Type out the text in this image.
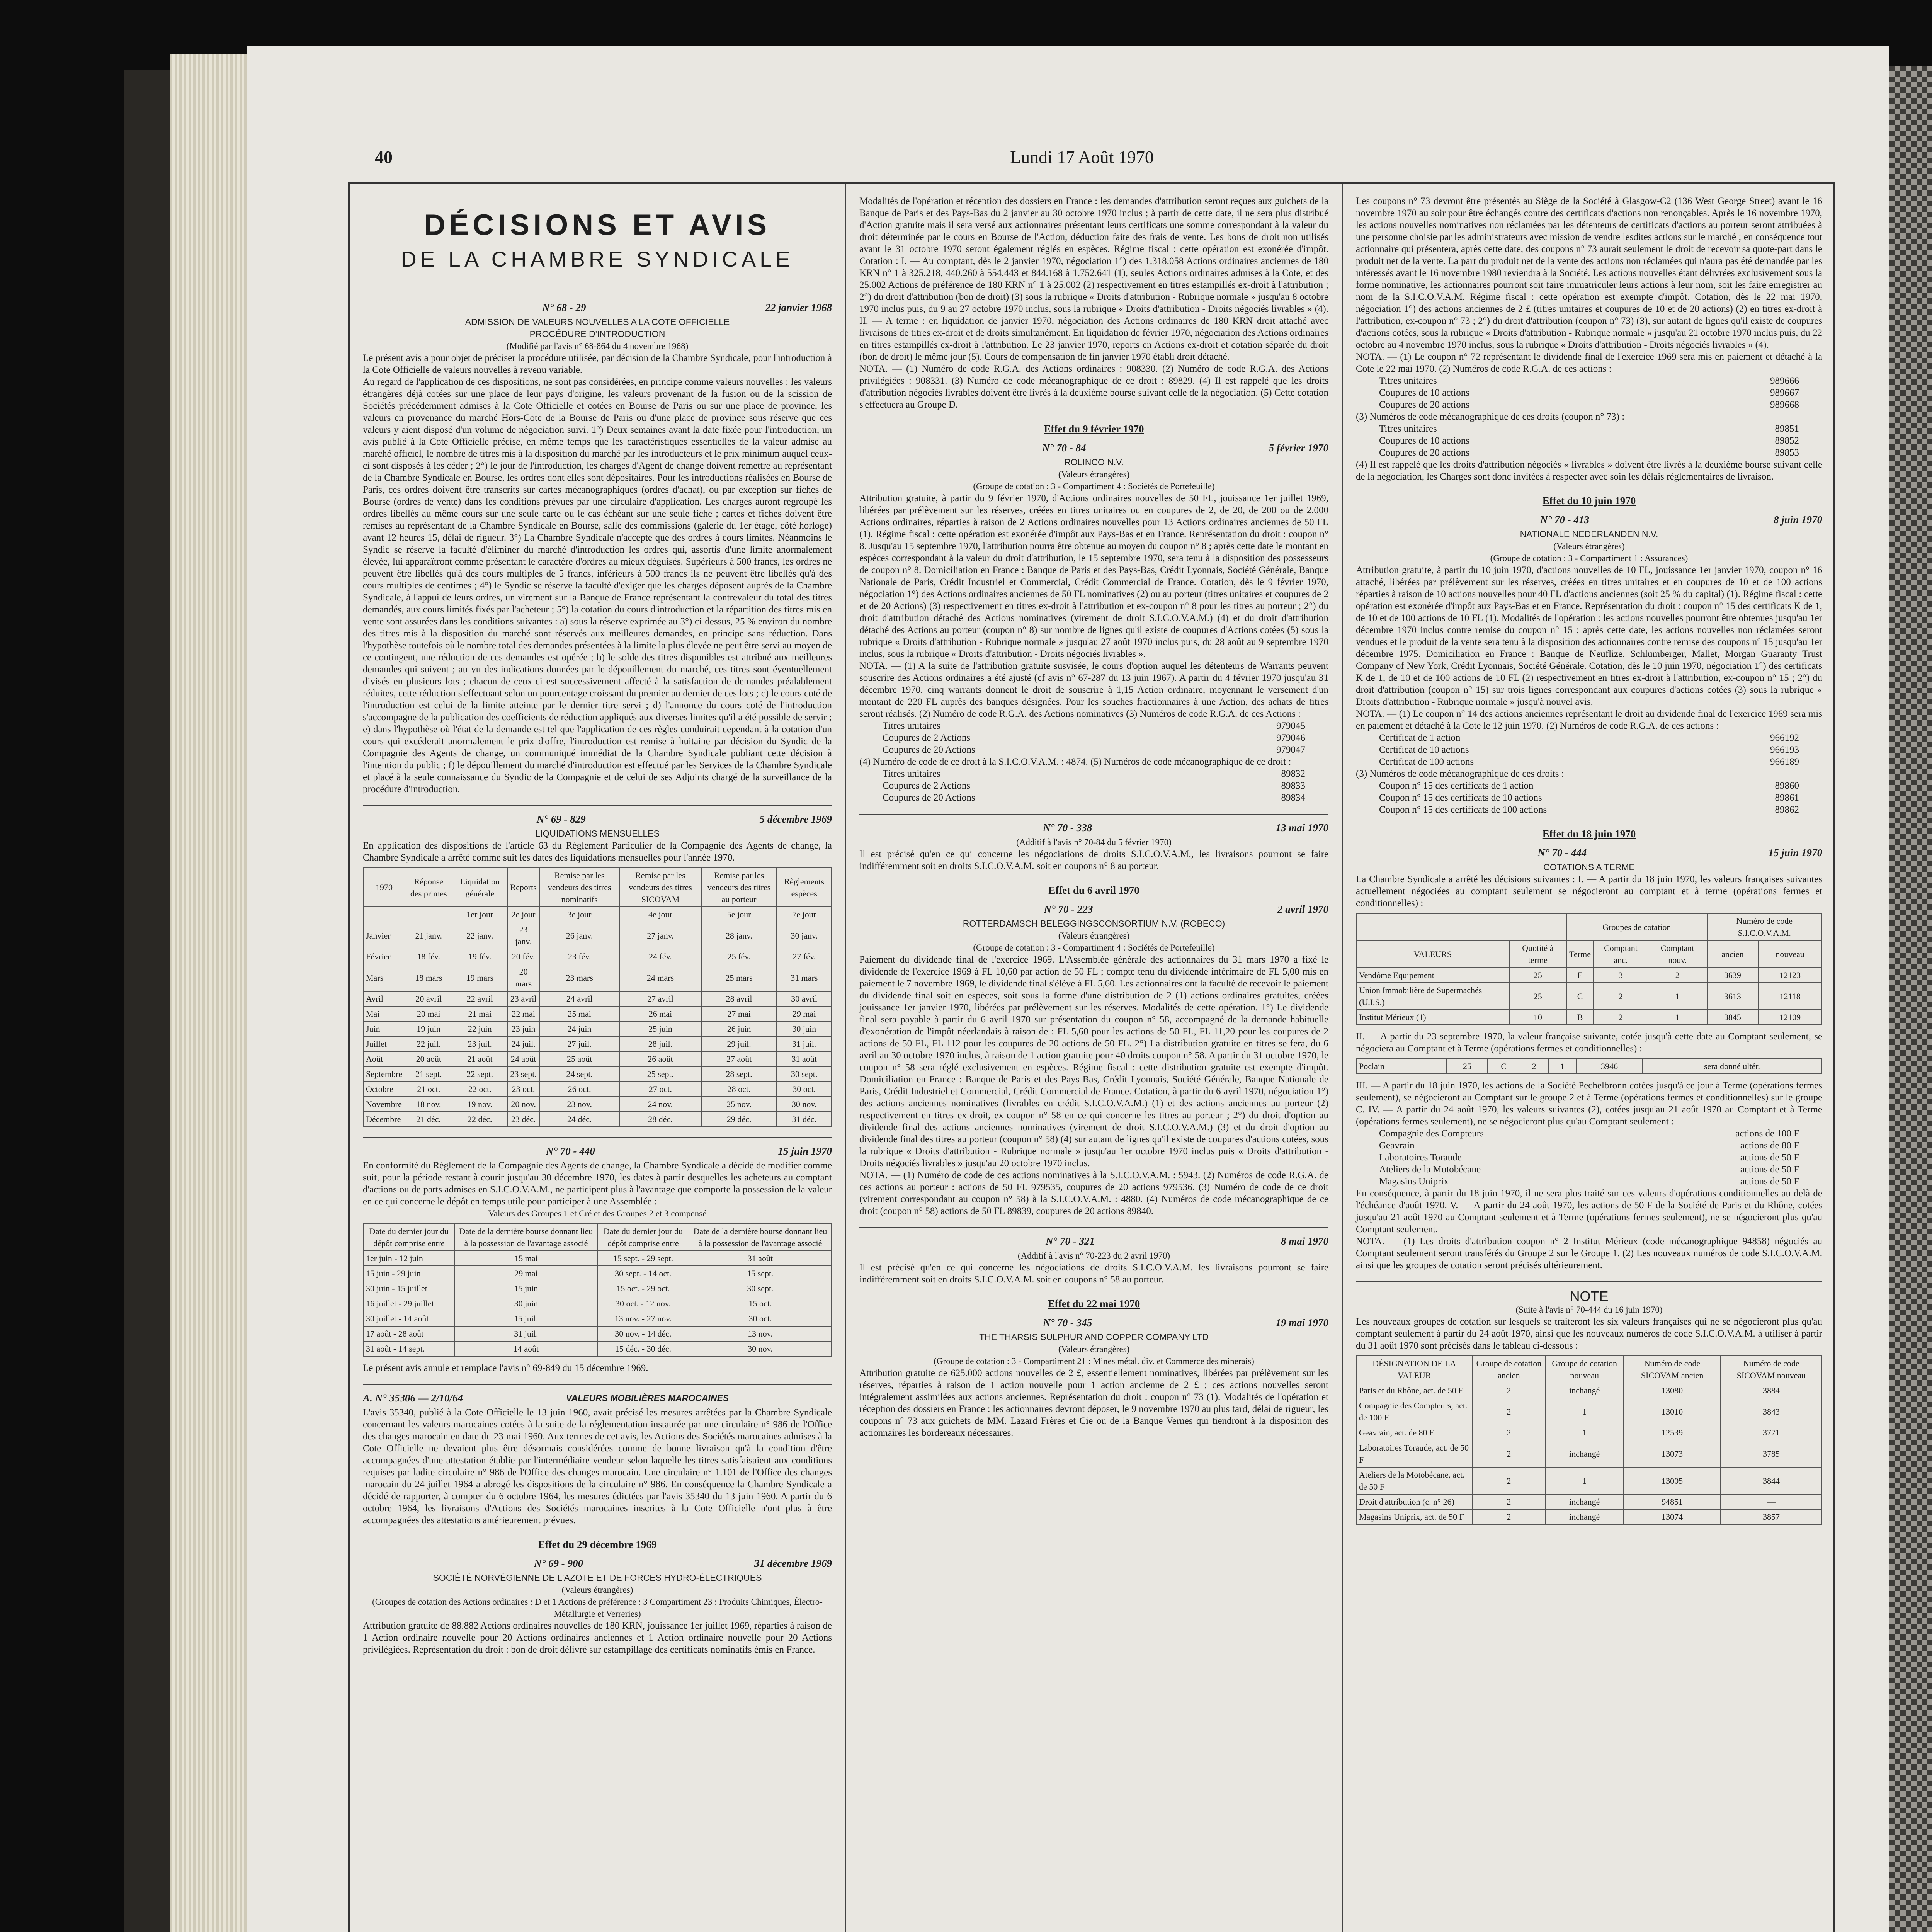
40	Lundi 17 Août 1970
DÉCISIONS ET AVIS
DE LA CHAMBRE SYNDICALE
N° 68 - 29	22 janvier 1968
ADMISSION DE VALEURS NOUVELLES A LA COTE OFFICIELLE
PROCÉDURE D'INTRODUCTION
(Modifié par l'avis n° 68-864 du 4 novembre 1968)

Le présent avis a pour objet de préciser la procédure utilisée, par décision de la Chambre Syndicale, pour l'introduction à la Cote Officielle de valeurs nouvelles à revenu variable.

Au regard de l'application de ces dispositions, ne sont pas considérées, en principe comme valeurs nouvelles : les valeurs étrangères déjà cotées sur une place de leur pays d'origine, les valeurs provenant de la fusion ou de la scission de Sociétés précédemment admises à la Cote Officielle et cotées en Bourse de Paris ou sur une place de province, les valeurs en provenance du marché Hors-Cote de la Bourse de Paris ou d'une place de province sous réserve que ces valeurs y aient disposé d'un volume de négociation suivi. 1°) Deux semaines avant la date fixée pour l'introduction, un avis publié à la Cote Officielle précise, en même temps que les caractéristiques essentielles de la valeur admise au marché officiel, le nombre de titres mis à la disposition du marché par les introducteurs et le prix minimum auquel ceux-ci sont disposés à les céder ; 2°) le jour de l'introduction, les charges d'Agent de change doivent remettre au représentant de la Chambre Syndicale en Bourse, les ordres dont elles sont dépositaires. Pour les introductions réalisées en Bourse de Paris, ces ordres doivent être transcrits sur cartes mécanographiques (ordres d'achat), ou par exception sur fiches de Bourse (ordres de vente) dans les conditions prévues par une circulaire d'application. Les charges auront regroupé les ordres libellés au même cours sur une seule carte ou le cas échéant sur une seule fiche ; cartes et fiches doivent être remises au représentant de la Chambre Syndicale en Bourse, salle des commissions (galerie du 1er étage, côté horloge) avant 12 heures 15, délai de rigueur. 3°) La Chambre Syndicale n'accepte que des ordres à cours limités. Néanmoins le Syndic se réserve la faculté d'éliminer du marché d'introduction les ordres qui, assortis d'une limite anormalement élevée, lui apparaîtront comme présentant le caractère d'ordres au mieux déguisés. Supérieurs à 500 francs, les ordres ne peuvent être libellés qu'à des cours multiples de 5 francs, inférieurs à 500 francs ils ne peuvent être libellés qu'à des cours multiples de centimes ; 4°) le Syndic se réserve la faculté d'exiger que les charges déposent auprès de la Chambre Syndicale, à l'appui de leurs ordres, un virement sur la Banque de France représentant la contrevaleur du total des titres demandés, aux cours limités fixés par l'acheteur ; 5°) la cotation du cours d'introduction et la répartition des titres mis en vente sont assurées dans les conditions suivantes : a) sous la réserve exprimée au 3°) ci-dessus, 25 % environ du nombre des titres mis à la disposition du marché sont réservés aux meilleures demandes, en principe sans réduction. Dans l'hypothèse toutefois où le nombre total des demandes présentées à la limite la plus élevée ne peut être servi au moyen de ce contingent, une réduction de ces demandes est opérée ; b) le solde des titres disponibles est attribué aux meilleures demandes qui suivent ; au vu des indications données par le dépouillement du marché, ces titres sont éventuellement divisés en plusieurs lots ; chacun de ceux-ci est successivement affecté à la satisfaction de demandes préalablement réduites, cette réduction s'effectuant selon un pourcentage croissant du premier au dernier de ces lots ; c) le cours coté de l'introduction est celui de la limite atteinte par le dernier titre servi ; d) l'annonce du cours coté de l'introduction s'accompagne de la publication des coefficients de réduction appliqués aux diverses limites qu'il a été possible de servir ; e) dans l'hypothèse où l'état de la demande est tel que l'application de ces règles conduirait cependant à la cotation d'un cours qui excéderait anormalement le prix d'offre, l'introduction est remise à huitaine par décision du Syndic de la Compagnie des Agents de change, un communiqué immédiat de la Chambre Syndicale publiant cette décision à l'intention du public ; f) le dépouillement du marché d'introduction est effectué par les Services de la Chambre Syndicale et placé à la seule connaissance du Syndic de la Compagnie et de celui de ses Adjoints chargé de la surveillance de la procédure d'introduction.

N° 69 - 829	5 décembre 1969
LIQUIDATIONS MENSUELLES

En application des dispositions de l'article 63 du Règlement Particulier de la Compagnie des Agents de change, la Chambre Syndicale a arrêté comme suit les dates des liquidations mensuelles pour l'année 1970.

1970	Réponse des primes	Liquidation générale	Reports	Remise par les vendeurs des titres nominatifs	Remise par les vendeurs des titres SICOVAM	Remise par les vendeurs des titres au porteur	Règlements espèces
		1er jour	2e jour	3e jour	4e jour	5e jour	7e jour
Janvier	21 janv.	22 janv.	23 janv.	26 janv.	27 janv.	28 janv.	30 janv.
Février	18 fév.	19 fév.	20 fév.	23 fév.	24 fév.	25 fév.	27 fév.
Mars	18 mars	19 mars	20 mars	23 mars	24 mars	25 mars	31 mars
Avril	20 avril	22 avril	23 avril	24 avril	27 avril	28 avril	30 avril
Mai	20 mai	21 mai	22 mai	25 mai	26 mai	27 mai	29 mai
Juin	19 juin	22 juin	23 juin	24 juin	25 juin	26 juin	30 juin
Juillet	22 juil.	23 juil.	24 juil.	27 juil.	28 juil.	29 juil.	31 juil.
Août	20 août	21 août	24 août	25 août	26 août	27 août	31 août
Septembre	21 sept.	22 sept.	23 sept.	24 sept.	25 sept.	28 sept.	30 sept.
Octobre	21 oct.	22 oct.	23 oct.	26 oct.	27 oct.	28 oct.	30 oct.
Novembre	18 nov.	19 nov.	20 nov.	23 nov.	24 nov.	25 nov.	30 nov.
Décembre	21 déc.	22 déc.	23 déc.	24 déc.	28 déc.	29 déc.	31 déc.
N° 70 - 440	15 juin 1970

En conformité du Règlement de la Compagnie des Agents de change, la Chambre Syndicale a décidé de modifier comme suit, pour la période restant à courir jusqu'au 30 décembre 1970, les dates à partir desquelles les acheteurs au comptant d'actions ou de parts admises en S.I.C.O.V.A.M., ne participent plus à l'avantage que comporte la possession de la valeur en ce qui concerne le dépôt en temps utile pour participer à une Assemblée :

Valeurs des Groupes 1 et Cré et des Groupes 2 et 3 compensé
Date du dernier jour du dépôt comprise entre	Date de la dernière bourse donnant lieu à la possession de l'avantage associé	Date du dernier jour du dépôt comprise entre	Date de la dernière bourse donnant lieu à la possession de l'avantage associé
1er juin - 12 juin	15 mai	15 sept. - 29 sept.	31 août
15 juin - 29 juin	29 mai	30 sept. - 14 oct.	15 sept.
30 juin - 15 juillet	15 juin	15 oct. - 29 oct.	30 sept.
16 juillet - 29 juillet	30 juin	30 oct. - 12 nov.	15 oct.
30 juillet - 14 août	15 juil.	13 nov. - 27 nov.	30 oct.
17 août - 28 août	31 juil.	30 nov. - 14 déc.	13 nov.
31 août - 14 sept.	14 août	15 déc. - 30 déc.	30 nov.

Le présent avis annule et remplace l'avis n° 69-849 du 15 décembre 1969.

A. N° 35306 — 2/10/64	VALEURS MOBILIÈRES MAROCAINES

L'avis 35340, publié à la Cote Officielle le 13 juin 1960, avait précisé les mesures arrêtées par la Chambre Syndicale concernant les valeurs marocaines cotées à la suite de la réglementation instaurée par une circulaire n° 986 de l'Office des changes marocain en date du 23 mai 1960. Aux termes de cet avis, les Actions des Sociétés marocaines admises à la Cote Officielle ne devaient plus être désormais considérées comme de bonne livraison qu'à la condition d'être accompagnées d'une attestation établie par l'intermédiaire vendeur selon laquelle les titres satisfaisaient aux conditions requises par ladite circulaire n° 986 de l'Office des changes marocain. Une circulaire n° 1.101 de l'Office des changes marocain du 24 juillet 1964 a abrogé les dispositions de la circulaire n° 986. En conséquence la Chambre Syndicale a décidé de rapporter, à compter du 6 octobre 1964, les mesures édictées par l'avis 35340 du 13 juin 1960. A partir du 6 octobre 1964, les livraisons d'Actions des Sociétés marocaines inscrites à la Cote Officielle n'ont plus à être accompagnées des attestations antérieurement prévues.

Effet du 29 décembre 1969
N° 69 - 900	31 décembre 1969
SOCIÉTÉ NORVÉGIENNE DE L'AZOTE ET DE FORCES HYDRO-ÉLECTRIQUES
(Valeurs étrangères)
(Groupes de cotation des Actions ordinaires : D et 1 Actions de préférence : 3 Compartiment 23 : Produits Chimiques, Électro-Métallurgie et Verreries)

Attribution gratuite de 88.882 Actions ordinaires nouvelles de 180 KRN, jouissance 1er juillet 1969, réparties à raison de 1 Action ordinaire nouvelle pour 20 Actions ordinaires anciennes et 1 Action ordinaire nouvelle pour 20 Actions privilégiées. Représentation du droit : bon de droit délivré sur estampillage des certificats nominatifs émis en France.

Modalités de l'opération et réception des dossiers en France : les demandes d'attribution seront reçues aux guichets de la Banque de Paris et des Pays-Bas du 2 janvier au 30 octobre 1970 inclus ; à partir de cette date, il ne sera plus distribué d'Action gratuite mais il sera versé aux actionnaires présentant leurs certificats une somme correspondant à la valeur du droit déterminée par le cours en Bourse de l'Action, déduction faite des frais de vente. Les bons de droit non utilisés avant le 31 octobre 1970 seront également réglés en espèces. Régime fiscal : cette opération est exonérée d'impôt. Cotation : I. — Au comptant, dès le 2 janvier 1970, négociation 1°) des 1.318.058 Actions ordinaires anciennes de 180 KRN n° 1 à 325.218, 440.260 à 554.443 et 844.168 à 1.752.641 (1), seules Actions ordinaires admises à la Cote, et des 25.002 Actions de préférence de 180 KRN n° 1 à 25.002 (2) respectivement en titres estampillés ex-droit à l'attribution ; 2°) du droit d'attribution (bon de droit) (3) sous la rubrique « Droits d'attribution - Rubrique normale » jusqu'au 8 octobre 1970 inclus puis, du 9 au 27 octobre 1970 inclus, sous la rubrique « Droits d'attribution - Droits négociés livrables » (4). II. — A terme : en liquidation de janvier 1970, négociation des Actions ordinaires de 180 KRN droit attaché avec livraisons de titres ex-droit et de droits simultanément. En liquidation de février 1970, négociation des Actions ordinaires en titres estampillés ex-droit à l'attribution. Le 23 janvier 1970, reports en Actions ex-droit et cotation séparée du droit (bon de droit) le même jour (5). Cours de compensation de fin janvier 1970 établi droit détaché.

NOTA. — (1) Numéro de code R.G.A. des Actions ordinaires : 908330. (2) Numéro de code R.G.A. des Actions privilégiées : 908331. (3) Numéro de code mécanographique de ce droit : 89829. (4) Il est rappelé que les droits d'attribution négociés livrables doivent être livrés à la deuxième bourse suivant celle de la négociation. (5) Cette cotation s'effectuera au Groupe D.

Effet du 9 février 1970
N° 70 - 84	5 février 1970
ROLINCO N.V.
(Valeurs étrangères)
(Groupe de cotation : 3 - Compartiment 4 : Sociétés de Portefeuille)

Attribution gratuite, à partir du 9 février 1970, d'Actions ordinaires nouvelles de 50 FL, jouissance 1er juillet 1969, libérées par prélèvement sur les réserves, créées en titres unitaires ou en coupures de 2, de 20, de 200 ou de 2.000 Actions ordinaires, réparties à raison de 2 Actions ordinaires nouvelles pour 13 Actions ordinaires anciennes de 50 FL (1). Régime fiscal : cette opération est exonérée d'impôt aux Pays-Bas et en France. Représentation du droit : coupon n° 8. Jusqu'au 15 septembre 1970, l'attribution pourra être obtenue au moyen du coupon n° 8 ; après cette date le montant en espèces correspondant à la valeur du droit d'attribution, le 15 septembre 1970, sera tenu à la disposition des possesseurs de coupon n° 8. Domiciliation en France : Banque de Paris et des Pays-Bas, Crédit Lyonnais, Société Générale, Banque Nationale de Paris, Crédit Industriel et Commercial, Crédit Commercial de France. Cotation, dès le 9 février 1970, négociation 1°) des Actions ordinaires anciennes de 50 FL nominatives (2) ou au porteur (titres unitaires et coupures de 2 et de 20 Actions) (3) respectivement en titres ex-droit à l'attribution et ex-coupon n° 8 pour les titres au porteur ; 2°) du droit d'attribution détaché des Actions nominatives (virement de droit S.I.C.O.V.A.M.) (4) et du droit d'attribution détaché des Actions au porteur (coupon n° 8) sur nombre de lignes qu'il existe de coupures d'Actions cotées (5) sous la rubrique « Droits d'attribution - Rubrique normale » jusqu'au 27 août 1970 inclus puis, du 28 août au 9 septembre 1970 inclus, sous la rubrique « Droits d'attribution - Droits négociés livrables ».

NOTA. — (1) A la suite de l'attribution gratuite susvisée, le cours d'option auquel les détenteurs de Warrants peuvent souscrire des Actions ordinaires a été ajusté (cf avis n° 67-287 du 13 juin 1967). A partir du 4 février 1970 jusqu'au 31 décembre 1970, cinq warrants donnent le droit de souscrire à 1,15 Action ordinaire, moyennant le versement d'un montant de 220 FL auprès des banques désignées. Pour les souches fractionnaires à une Action, des achats de titres seront réalisés. (2) Numéro de code R.G.A. des Actions nominatives (3) Numéros de code R.G.A. de ces Actions :

Titres unitaires	979045
Coupures de 2 Actions	979046
Coupures de 20 Actions	979047

(4) Numéro de code de ce droit à la S.I.C.O.V.A.M. : 4874. (5) Numéros de code mécanographique de ce droit :

Titres unitaires	89832
Coupures de 2 Actions	89833
Coupures de 20 Actions	89834
N° 70 - 338	13 mai 1970
(Additif à l'avis n° 70-84 du 5 février 1970)

Il est précisé qu'en ce qui concerne les négociations de droits S.I.C.O.V.A.M., les livraisons pourront se faire indifféremment soit en droits S.I.C.O.V.A.M. soit en coupons n° 8 au porteur.

Effet du 6 avril 1970
N° 70 - 223	2 avril 1970
ROTTERDAMSCH BELEGGINGSCONSORTIUM N.V. (ROBECO)
(Valeurs étrangères)
(Groupe de cotation : 3 - Compartiment 4 : Sociétés de Portefeuille)

Paiement du dividende final de l'exercice 1969. L'Assemblée générale des actionnaires du 31 mars 1970 a fixé le dividende de l'exercice 1969 à FL 10,60 par action de 50 FL ; compte tenu du dividende intérimaire de FL 5,00 mis en paiement le 7 novembre 1969, le dividende final s'élève à FL 5,60. Les actionnaires ont la faculté de recevoir le paiement du dividende final soit en espèces, soit sous la forme d'une distribution de 2 (1) actions ordinaires gratuites, créées jouissance 1er janvier 1970, libérées par prélèvement sur les réserves. Modalités de cette opération. 1°) Le dividende final sera payable à partir du 6 avril 1970 sur présentation du coupon n° 58, accompagné de la demande habituelle d'exonération de l'impôt néerlandais à raison de : FL 5,60 pour les actions de 50 FL, FL 11,20 pour les coupures de 2 actions de 50 FL, FL 112 pour les coupures de 20 actions de 50 FL. 2°) La distribution gratuite en titres se fera, du 6 avril au 30 octobre 1970 inclus, à raison de 1 action gratuite pour 40 droits coupon n° 58. A partir du 31 octobre 1970, le coupon n° 58 sera réglé exclusivement en espèces. Régime fiscal : cette distribution gratuite est exempte d'impôt. Domiciliation en France : Banque de Paris et des Pays-Bas, Crédit Lyonnais, Société Générale, Banque Nationale de Paris, Crédit Industriel et Commercial, Crédit Commercial de France. Cotation, à partir du 6 avril 1970, négociation 1°) des actions anciennes nominatives (livrables en crédit S.I.C.O.V.A.M.) (1) et des actions anciennes au porteur (2) respectivement en titres ex-droit, ex-coupon n° 58 en ce qui concerne les titres au porteur ; 2°) du droit d'option au dividende final des actions anciennes nominatives (virement de droit S.I.C.O.V.A.M.) (3) et du droit d'option au dividende final des titres au porteur (coupon n° 58) (4) sur autant de lignes qu'il existe de coupures d'actions cotées, sous la rubrique « Droits d'attribution - Rubrique normale » jusqu'au 1er octobre 1970 inclus puis « Droits d'attribution - Droits négociés livrables » jusqu'au 20 octobre 1970 inclus.

NOTA. — (1) Numéro de code de ces actions nominatives à la S.I.C.O.V.A.M. : 5943. (2) Numéros de code R.G.A. de ces actions au porteur : actions de 50 FL 979535, coupures de 20 actions 979536. (3) Numéro de code de ce droit (virement correspondant au coupon n° 58) à la S.I.C.O.V.A.M. : 4880. (4) Numéros de code mécanographique de ce droit (coupon n° 58) actions de 50 FL 89839, coupures de 20 actions 89840.

N° 70 - 321	8 mai 1970
(Additif à l'avis n° 70-223 du 2 avril 1970)

Il est précisé qu'en ce qui concerne les négociations de droits S.I.C.O.V.A.M. les livraisons pourront se faire indifféremment soit en droits S.I.C.O.V.A.M. soit en coupons n° 58 au porteur.

Effet du 22 mai 1970
N° 70 - 345	19 mai 1970
THE THARSIS SULPHUR AND COPPER COMPANY LTD
(Valeurs étrangères)
(Groupe de cotation : 3 - Compartiment 21 : Mines métal. div. et Commerce des minerais)

Attribution gratuite de 625.000 actions nouvelles de 2 £, essentiellement nominatives, libérées par prélèvement sur les réserves, réparties à raison de 1 action nouvelle pour 1 action ancienne de 2 £ ; ces actions nouvelles seront intégralement assimilées aux actions anciennes. Représentation du droit : coupon n° 73 (1). Modalités de l'opération et réception des dossiers en France : les actionnaires devront déposer, le 9 novembre 1970 au plus tard, délai de rigueur, les coupons n° 73 aux guichets de MM. Lazard Frères et Cie ou de la Banque Vernes qui tiendront à la disposition des actionnaires les bordereaux nécessaires.

Les coupons n° 73 devront être présentés au Siège de la Société à Glasgow-C2 (136 West George Street) avant le 16 novembre 1970 au soir pour être échangés contre des certificats d'actions non renonçables. Après le 16 novembre 1970, les actions nouvelles nominatives non réclamées par les détenteurs de certificats d'actions au porteur seront attribuées à une personne choisie par les administrateurs avec mission de vendre lesdites actions sur le marché ; en conséquence tout actionnaire qui présentera, après cette date, des coupons n° 73 aurait seulement le droit de recevoir sa quote-part dans le produit net de la vente. La part du produit net de la vente des actions non réclamées qui n'aura pas été demandée par les intéressés avant le 16 novembre 1980 reviendra à la Société. Les actions nouvelles étant délivrées exclusivement sous la forme nominative, les actionnaires pourront soit faire immatriculer leurs actions à leur nom, soit les faire enregistrer au nom de la S.I.C.O.V.A.M. Régime fiscal : cette opération est exempte d'impôt. Cotation, dès le 22 mai 1970, négociation 1°) des actions anciennes de 2 £ (titres unitaires et coupures de 10 et de 20 actions) (2) en titres ex-droit à l'attribution, ex-coupon n° 73 ; 2°) du droit d'attribution (coupon n° 73) (3), sur autant de lignes qu'il existe de coupures d'actions cotées, sous la rubrique « Droits d'attribution - Rubrique normale » jusqu'au 21 octobre 1970 inclus puis, du 22 octobre au 4 novembre 1970 inclus, sous la rubrique « Droits d'attribution - Droits négociés livrables » (4).

NOTA. — (1) Le coupon n° 72 représentant le dividende final de l'exercice 1969 sera mis en paiement et détaché à la Cote le 22 mai 1970. (2) Numéros de code R.G.A. de ces actions :

Titres unitaires	989666
Coupures de 10 actions	989667
Coupures de 20 actions	989668

(3) Numéros de code mécanographique de ces droits (coupon n° 73) :

Titres unitaires	89851
Coupures de 10 actions	89852
Coupures de 20 actions	89853

(4) Il est rappelé que les droits d'attribution négociés « livrables » doivent être livrés à la deuxième bourse suivant celle de la négociation, les Charges sont donc invitées à respecter avec soin les délais réglementaires de livraison.

Effet du 10 juin 1970
N° 70 - 413	8 juin 1970
NATIONALE NEDERLANDEN N.V.
(Valeurs étrangères)
(Groupe de cotation : 3 - Compartiment 1 : Assurances)

Attribution gratuite, à partir du 10 juin 1970, d'actions nouvelles de 10 FL, jouissance 1er janvier 1970, coupon n° 16 attaché, libérées par prélèvement sur les réserves, créées en titres unitaires et en coupures de 10 et de 100 actions réparties à raison de 10 actions nouvelles pour 40 FL d'actions anciennes (soit 25 % du capital) (1). Régime fiscal : cette opération est exonérée d'impôt aux Pays-Bas et en France. Représentation du droit : coupon n° 15 des certificats K de 1, de 10 et de 100 actions de 10 FL (1). Modalités de l'opération : les actions nouvelles pourront être obtenues jusqu'au 1er décembre 1970 inclus contre remise du coupon n° 15 ; après cette date, les actions nouvelles non réclamées seront vendues et le produit de la vente sera tenu à la disposition des actionnaires contre remise des coupons n° 15 jusqu'au 1er décembre 1975. Domiciliation en France : Banque de Neuflize, Schlumberger, Mallet, Morgan Guaranty Trust Company of New York, Crédit Lyonnais, Société Générale. Cotation, dès le 10 juin 1970, négociation 1°) des certificats K de 1, de 10 et de 100 actions de 10 FL (2) respectivement en titres ex-droit à l'attribution, ex-coupon n° 15 ; 2°) du droit d'attribution (coupon n° 15) sur trois lignes correspondant aux coupures d'actions cotées (3) sous la rubrique « Droits d'attribution - Rubrique normale » jusqu'à nouvel avis.

NOTA. — (1) Le coupon n° 14 des actions anciennes représentant le droit au dividende final de l'exercice 1969 sera mis en paiement et détaché à la Cote le 12 juin 1970. (2) Numéros de code R.G.A. de ces actions :

Certificat de 1 action	966192
Certificat de 10 actions	966193
Certificat de 100 actions	966189

(3) Numéros de code mécanographique de ces droits :

Coupon n° 15 des certificats de 1 action	89860
Coupon n° 15 des certificats de 10 actions	89861
Coupon n° 15 des certificats de 100 actions	89862
Effet du 18 juin 1970
N° 70 - 444	15 juin 1970
COTATIONS A TERME

La Chambre Syndicale a arrêté les décisions suivantes : I. — A partir du 18 juin 1970, les valeurs françaises suivantes actuellement négociées au comptant seulement se négocieront au comptant et à terme (opérations fermes et conditionnelles) :

		Groupes de cotation			Numéro de code S.I.C.O.V.A.M.	
VALEURS	Quotité à terme	Terme	Comptant anc.	Comptant nouv.	ancien	nouveau
Vendôme Equipement	25	E	3	2	3639	12123
Union Immobilière de Supermachés (U.I.S.)	25	C	2	1	3613	12118
Institut Mérieux (1)	10	B	2	1	3845	12109

II. — A partir du 23 septembre 1970, la valeur française suivante, cotée jusqu'à cette date au Comptant seulement, se négociera au Comptant et à Terme (opérations fermes et conditionnelles) :

Poclain	25	C	2	1	3946	sera donné ultér.

III. — A partir du 18 juin 1970, les actions de la Société Pechelbronn cotées jusqu'à ce jour à Terme (opérations fermes seulement), se négocieront au Comptant sur le groupe 2 et à Terme (opérations fermes et conditionnelles) sur le groupe C. IV. — A partir du 24 août 1970, les valeurs suivantes (2), cotées jusqu'au 21 août 1970 au Comptant et à Terme (opérations fermes seulement), ne se négocieront plus qu'au Comptant seulement :

Compagnie des Compteurs	actions de 100 F
Geavrain	actions de 80 F
Laboratoires Toraude	actions de 50 F
Ateliers de la Motobécane	actions de 50 F
Magasins Uniprix	actions de 50 F

En conséquence, à partir du 18 juin 1970, il ne sera plus traité sur ces valeurs d'opérations conditionnelles au-delà de l'échéance d'août 1970. V. — A partir du 24 août 1970, les actions de 50 F de la Société de Paris et du Rhône, cotées jusqu'au 21 août 1970 au Comptant seulement et à Terme (opérations fermes seulement), ne se négocieront plus qu'au Comptant seulement.

NOTA. — (1) Les droits d'attribution coupon n° 2 Institut Mérieux (code mécanographique 94858) négociés au Comptant seulement seront transférés du Groupe 2 sur le Groupe 1. (2) Les nouveaux numéros de code S.I.C.O.V.A.M. ainsi que les groupes de cotation seront précisés ultérieurement.

NOTE
(Suite à l'avis n° 70-444 du 16 juin 1970)

Les nouveaux groupes de cotation sur lesquels se traiteront les six valeurs françaises qui ne se négocieront plus qu'au comptant seulement à partir du 24 août 1970, ainsi que les nouveaux numéros de code S.I.C.O.V.A.M. à utiliser à partir du 31 août 1970 sont précisés dans le tableau ci-dessous :

DÉSIGNATION DE LA VALEUR	Groupe de cotation ancien	Groupe de cotation nouveau	Numéro de code SICOVAM ancien	Numéro de code SICOVAM nouveau
Paris et du Rhône, act. de 50 F	2	inchangé	13080	3884
Compagnie des Compteurs, act. de 100 F	2	1	13010	3843
Geavrain, act. de 80 F	2	1	12539	3771
Laboratoires Toraude, act. de 50 F	2	inchangé	13073	3785
Ateliers de la Motobécane, act. de 50 F	2	1	13005	3844
Droit d'attribution (c. n° 26)	2	inchangé	94851	—
Magasins Uniprix, act. de 50 F	2	inchangé	13074	3857
